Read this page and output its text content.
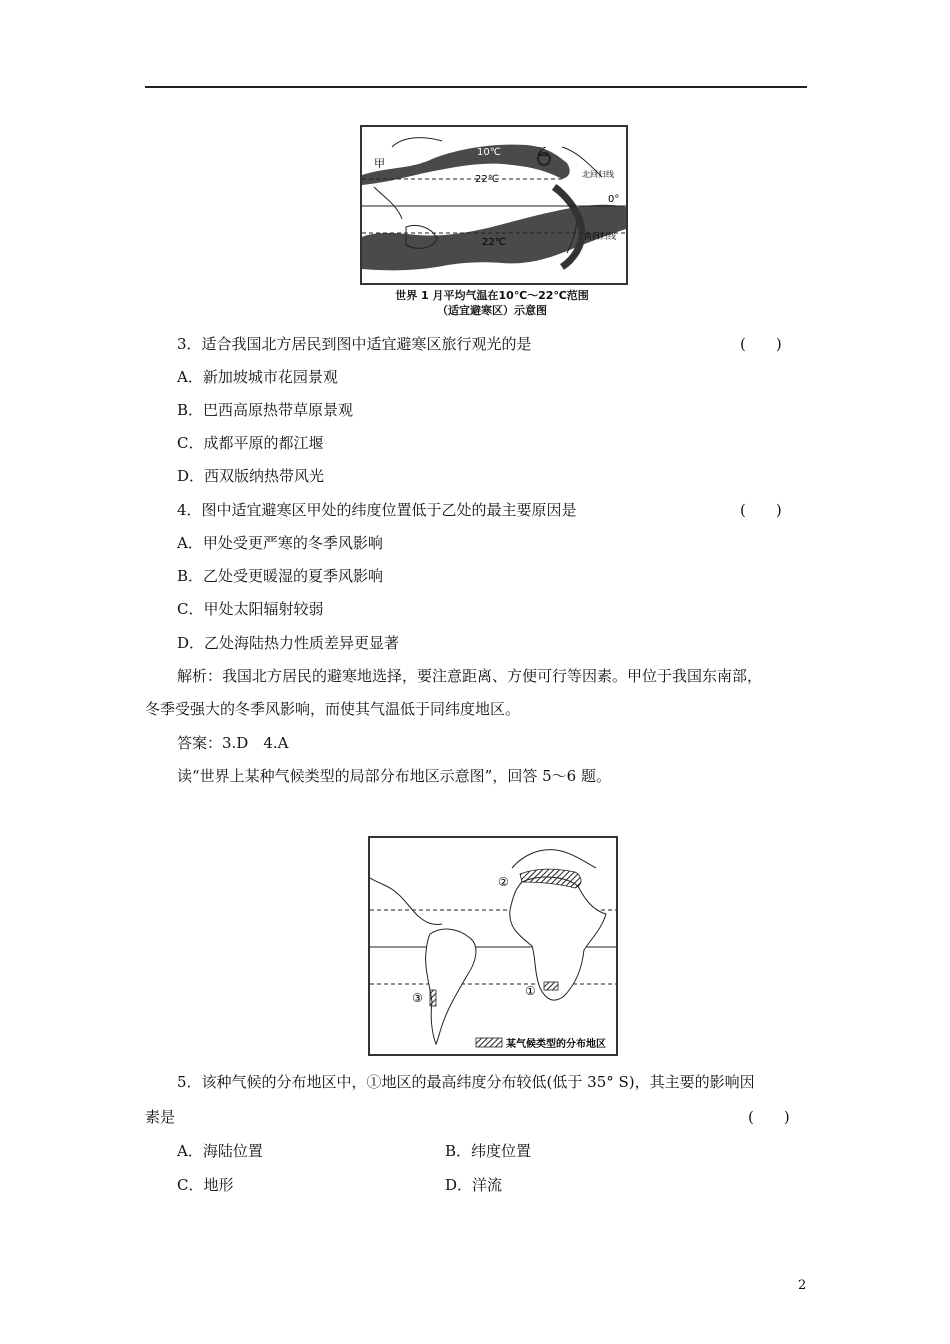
甲
乙
10℃
22℃	北回归线
0°
22℃
南回归线
10℃
世界 1 月平均气温在10℃～22℃范围
（适宜避寒区）示意图
3．适合我国北方居民到图中适宜避寒区旅行观光的是	(　　)
A．新加坡城市花园景观
B．巴西高原热带草原景观
C．成都平原的都江堰
D．西双版纳热带风光
4．图中适宜避寒区甲处的纬度位置低于乙处的最主要原因是	(　　)
A．甲处受更严寒的冬季风影响
B．乙处受更暖湿的夏季风影响
C．甲处太阳辐射较弱
D．乙处海陆热力性质差异更显著
解析：我国北方居民的避寒地选择，要注意距离、方便可行等因素。甲位于我国东南部，
冬季受强大的冬季风影响，而使其气温低于同纬度地区。
答案：3.D　4.A
读“世界上某种气候类型的局部分布地区示意图”，回答 5～6 题。
①
②
③
某气候类型的分布地区
5．该种气候的分布地区中，①地区的最高纬度分布较低(低于 35° S)，其主要的影响因
素是	(　　)
A．海陆位置	B．纬度位置
C．地形	D．洋流
2
